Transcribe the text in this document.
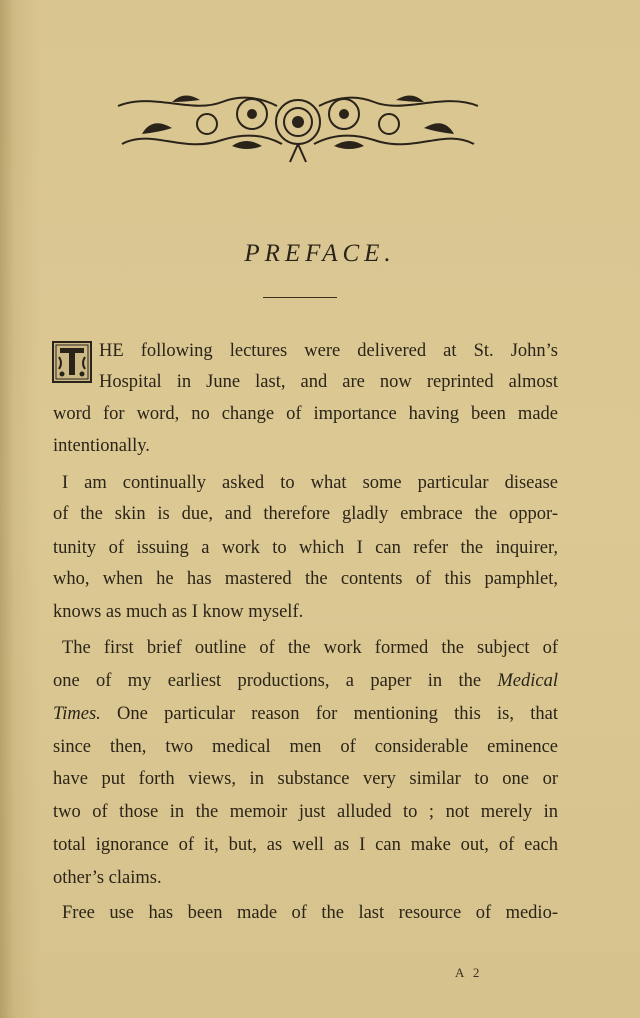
PREFACE.
HE following lectures were delivered at St. John’s
Hospital in June last, and are now reprinted almost
word for word, no change of importance having been made
intentionally.
I am continually asked to what some particular disease
of the skin is due, and therefore gladly embrace the oppor-
tunity of issuing a work to which I can refer the inquirer,
who, when he has mastered the contents of this pamphlet,
knows as much as I know myself.
The first brief outline of the work formed the subject of
one of my earliest productions, a paper in the Medical
Times. One particular reason for mentioning this is, that
since then, two medical men of considerable eminence
have put forth views, in substance very similar to one or
two of those in the memoir just alluded to ; not merely in
total ignorance of it, but, as well as I can make out, of each
other’s claims.
Free use has been made of the last resource of medio-
A 2
